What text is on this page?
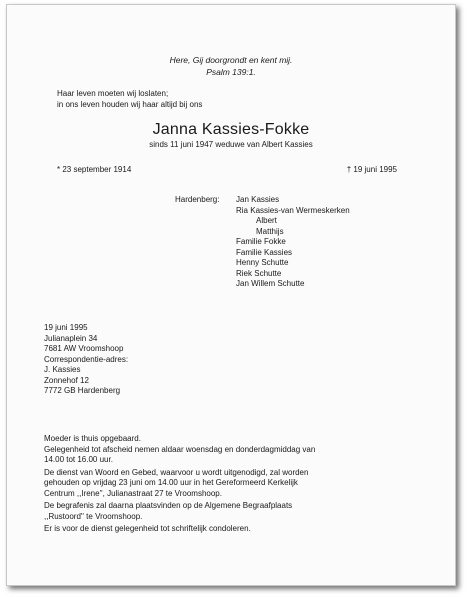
Here, Gij doorgrondt en kent mij.
Psalm 139:1.
Haar leven moeten wij loslaten;
in ons leven houden wij haar altijd bij ons
Janna Kassies-Fokke
sinds 11 juni 1947 weduwe van Albert Kassies
* 23 september 1914	† 19 juni 1995
Hardenberg: Jan Kassies
Ria Kassies-van Wermeskerken
Albert
Matthijs
Familie Fokke
Familie Kassies
Henny Schutte
Riek Schutte
Jan Willem Schutte
19 juni 1995
Julianaplein 34
7681 AW Vroomshoop
Correspondentie-adres:
J. Kassies
Zonnehof 12
7772 GB Hardenberg
Moeder is thuis opgebaard.
Gelegenheid tot afscheid nemen aldaar woensdag en donderdagmiddag van
14.00 tot 16.00 uur.
De dienst van Woord en Gebed, waarvoor u wordt uitgenodigd, zal worden
gehouden op vrijdag 23 juni om 14.00 uur in het Gereformeerd Kerkelijk
Centrum ,,Irene'', Julianastraat 27 te Vroomshoop.
De begrafenis zal daarna plaatsvinden op de Algemene Begraafplaats
,,Rustoord'' te Vroomshoop.
Er is voor de dienst gelegenheid tot schriftelijk condoleren.
